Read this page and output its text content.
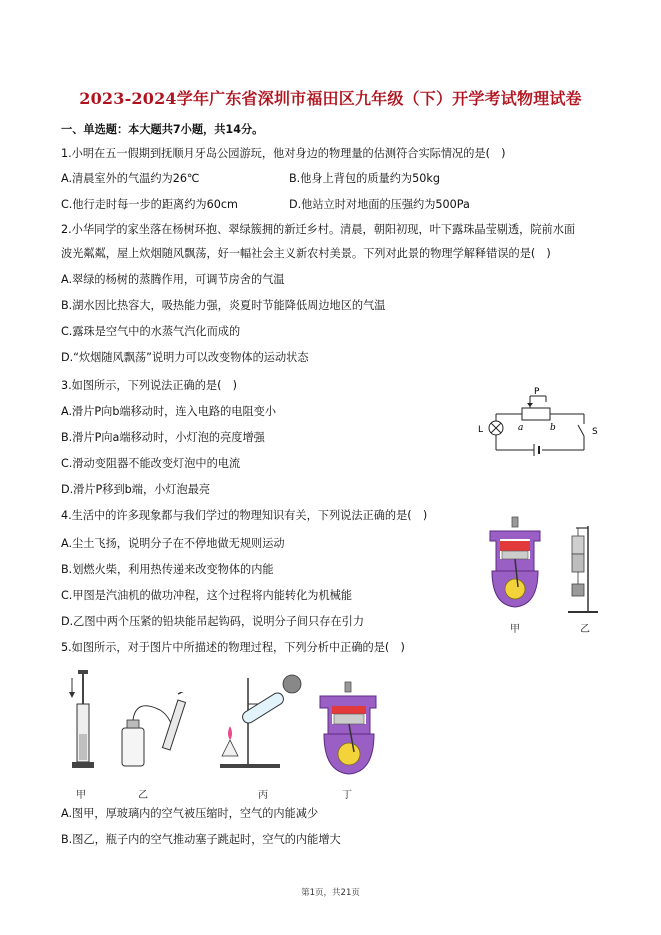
2023-2024学年广东省深圳市福田区九年级（下）开学考试物理试卷
一、单选题：本大题共7小题，共14分。
1.小明在五一假期到抚顺月牙岛公园游玩，他对身边的物理量的估测符合实际情况的是(　)
A.清晨室外的气温约为26℃	B.他身上背包的质量约为50kg
C.他行走时每一步的距离约为60cm	D.他站立时对地面的压强约为500Pa
2.小华同学的家坐落在杨树环抱、翠绿簇拥的新迁乡村。清晨，朝阳初现，叶下露珠晶莹剔透，院前水面
波光粼粼，屋上炊烟随风飘荡，好一幅社会主义新农村美景。下列对此景的物理学解释错误的是(　)
A.翠绿的杨树的蒸腾作用，可调节房舍的气温
B.湖水因比热容大，吸热能力强，炎夏时节能降低周边地区的气温
C.露珠是空气中的水蒸气汽化而成的
D.“炊烟随风飘荡”说明力可以改变物体的运动状态
3.如图所示，下列说法正确的是(　)
A.滑片P向b端移动时，连入电路的电阻变小
B.滑片P向a端移动时，小灯泡的亮度增强
C.滑动变阻器不能改变灯泡中的电流
D.滑片P移到b端，小灯泡最亮
P
a	b
L	S
4.生活中的许多现象都与我们学过的物理知识有关，下列说法正确的是(　)
A.尘土飞扬，说明分子在不停地做无规则运动
B.划燃火柴，利用热传递来改变物体的内能
C.甲图是汽油机的做功冲程，这个过程将内能转化为机械能
D.乙图中两个压紧的铅块能吊起钩码，说明分子间只存在引力
甲	乙
5.如图所示，对于图片中所描述的物理过程，下列分析中正确的是(　)
甲	乙	丙	丁
A.图甲，厚玻璃内的空气被压缩时，空气的内能减少
B.图乙，瓶子内的空气推动塞子跳起时，空气的内能增大
第1页，共21页
